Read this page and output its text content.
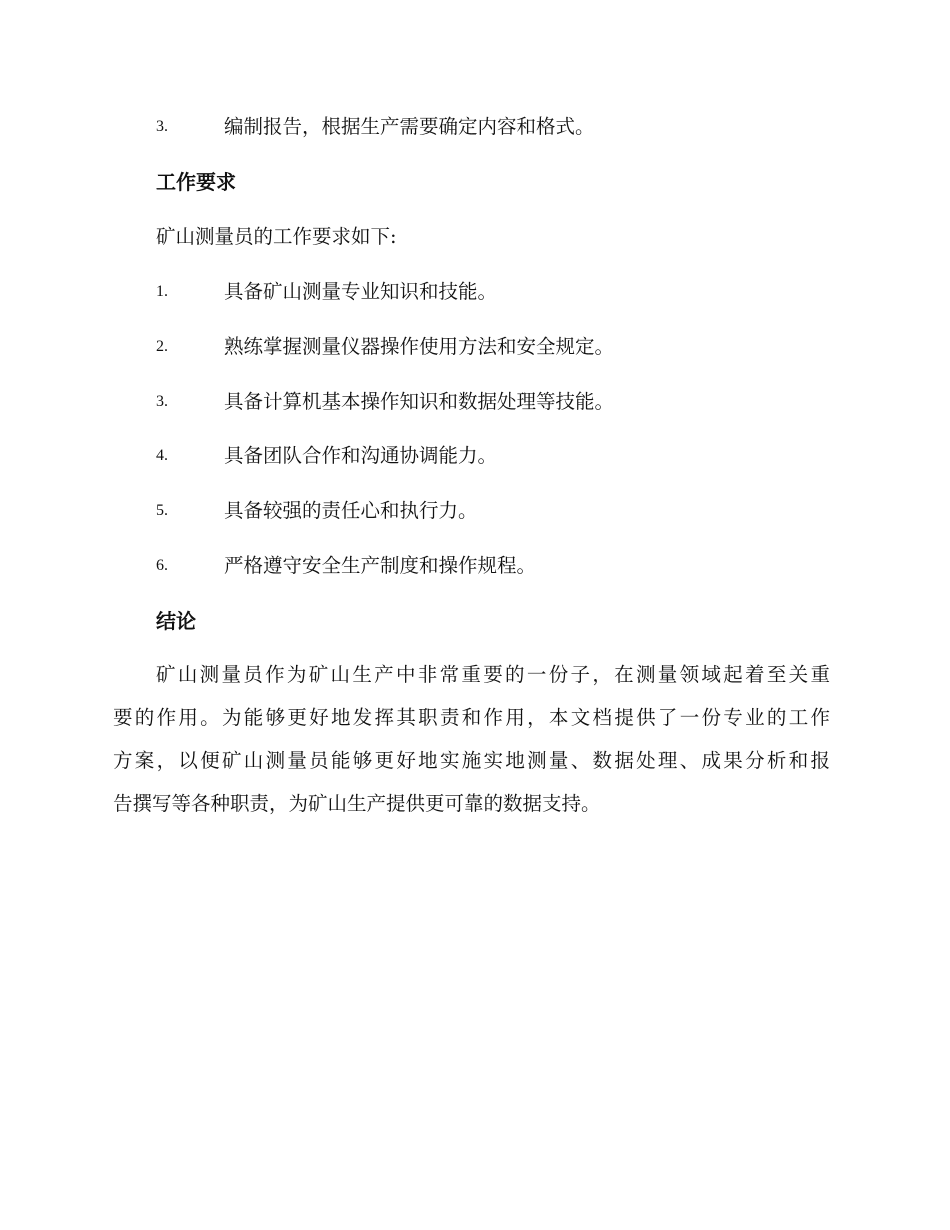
3.	编制报告，根据生产需要确定内容和格式。
工作要求
矿山测量员的工作要求如下:
1.	具备矿山测量专业知识和技能。
2.	熟练掌握测量仪器操作使用方法和安全规定。
3.	具备计算机基本操作知识和数据处理等技能。
4.	具备团队合作和沟通协调能力。
5.	具备较强的责任心和执行力。
6.	严格遵守安全生产制度和操作规程。
结论
矿山测量员作为矿山生产中非常重要的一份子，在测量领域起着至关重
要的作用。为能够更好地发挥其职责和作用，本文档提供了一份专业的工作
方案，以便矿山测量员能够更好地实施实地测量、数据处理、成果分析和报
告撰写等各种职责，为矿山生产提供更可靠的数据支持。
